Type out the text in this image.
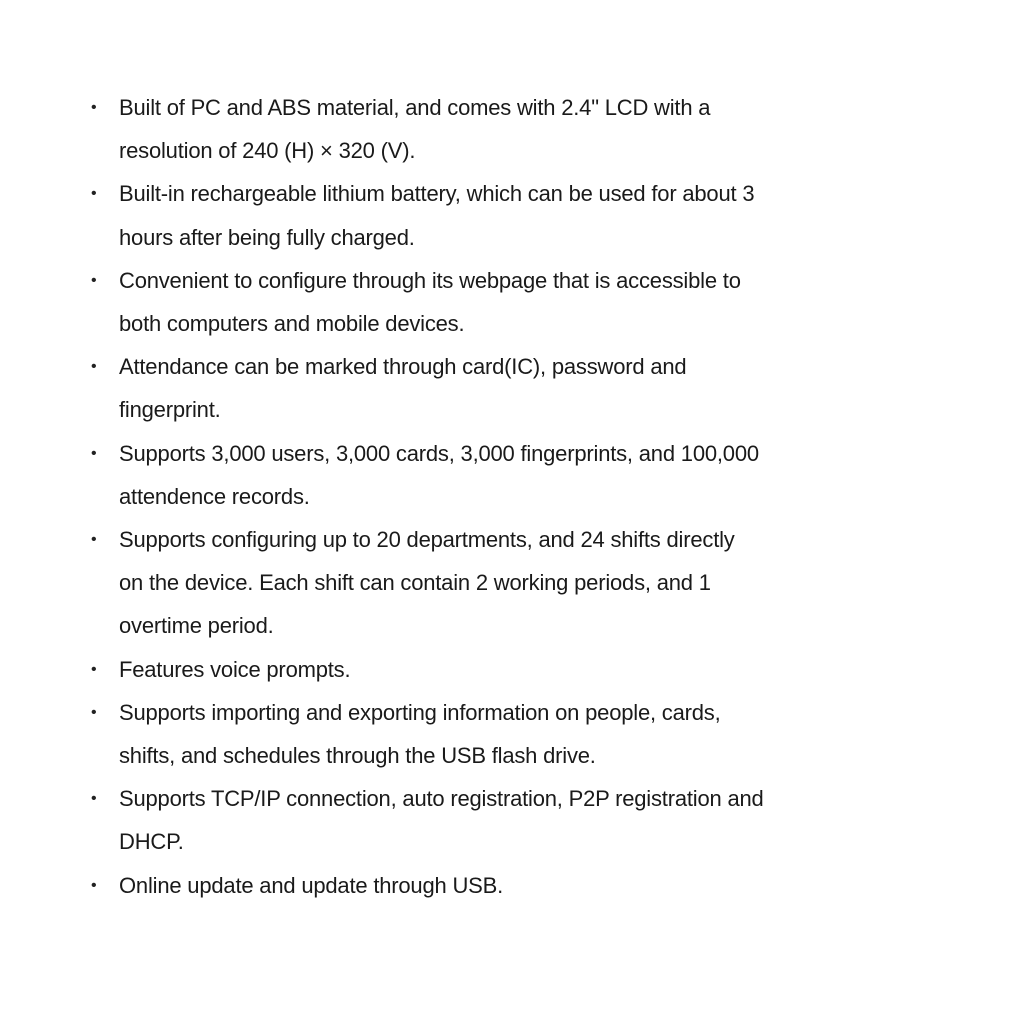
• Built of PC and ABS material, and comes with 2.4" LCD with a
resolution of 240 (H) × 320 (V).
• Built-in rechargeable lithium battery, which can be used for about 3
hours after being fully charged.
• Convenient to configure through its webpage that is accessible to
both computers and mobile devices.
• Attendance can be marked through card(IC), password and
fingerprint.
• Supports 3,000 users, 3,000 cards, 3,000 fingerprints, and 100,000
attendence records.
• Supports configuring up to 20 departments, and 24 shifts directly
on the device. Each shift can contain 2 working periods, and 1
overtime period.
• Features voice prompts.
• Supports importing and exporting information on people, cards,
shifts, and schedules through the USB flash drive.
• Supports TCP/IP connection, auto registration, P2P registration and
DHCP.
• Online update and update through USB.
